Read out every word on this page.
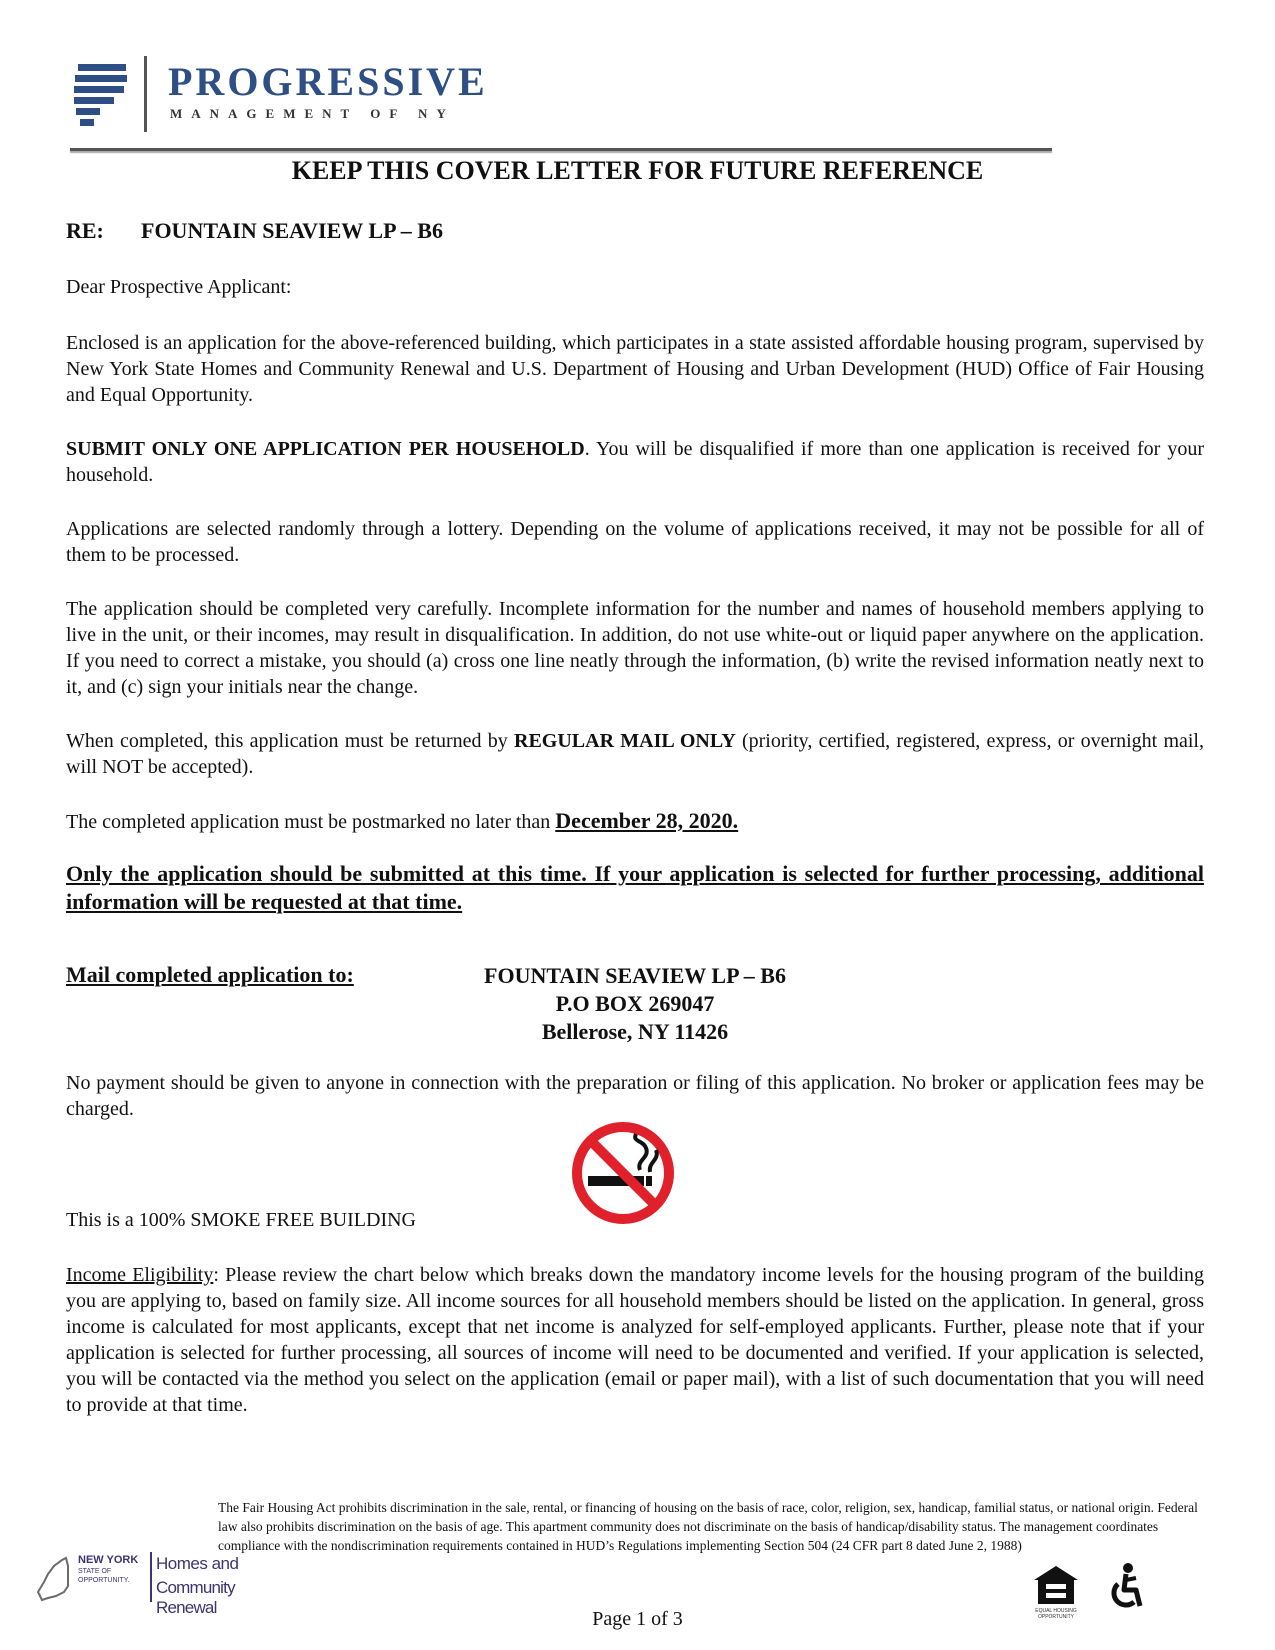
PROGRESSIVE
MANAGEMENT OF NY
KEEP THIS COVER LETTER FOR FUTURE REFERENCE
RE: FOUNTAIN SEAVIEW LP – B6
Dear Prospective Applicant:
Enclosed is an application for the above-referenced building, which participates in a state assisted affordable housing program, supervised by New York State Homes and Community Renewal and U.S. Department of Housing and Urban Development (HUD) Office of Fair Housing and Equal Opportunity.
SUBMIT ONLY ONE APPLICATION PER HOUSEHOLD. You will be disqualified if more than one application is received for your household.
Applications are selected randomly through a lottery. Depending on the volume of applications received, it may not be possible for all of them to be processed.
The application should be completed very carefully. Incomplete information for the number and names of household members applying to live in the unit, or their incomes, may result in disqualification. In addition, do not use white-out or liquid paper anywhere on the application. If you need to correct a mistake, you should (a) cross one line neatly through the information, (b) write the revised information neatly next to it, and (c) sign your initials near the change.
When completed, this application must be returned by REGULAR MAIL ONLY (priority, certified, registered, express, or overnight mail, will NOT be accepted).
The completed application must be postmarked no later than December 28, 2020.
Only the application should be submitted at this time. If your application is selected for further processing, additional information will be requested at that time.
Mail completed application to:	FOUNTAIN SEAVIEW LP – B6
P.O BOX 269047
Bellerose, NY 11426
No payment should be given to anyone in connection with the preparation or filing of this application. No broker or application fees may be charged.
This is a 100% SMOKE FREE BUILDING
Income Eligibility: Please review the chart below which breaks down the mandatory income levels for the housing program of the building you are applying to, based on family size. All income sources for all household members should be listed on the application. In general, gross income is calculated for most applicants, except that net income is analyzed for self-employed applicants. Further, please note that if your application is selected for further processing, all sources of income will need to be documented and verified. If your application is selected, you will be contacted via the method you select on the application (email or paper mail), with a list of such documentation that you will need to provide at that time.
The Fair Housing Act prohibits discrimination in the sale, rental, or financing of housing on the basis of race, color, religion, sex, handicap, familial status, or national origin. Federal law also prohibits discrimination on the basis of age. This apartment community does not discriminate on the basis of handicap/disability status. The management coordinates compliance with the nondiscrimination requirements contained in HUD’s Regulations implementing Section 504 (24 CFR part 8 dated June 2, 1988)
NEW YORK
STATE OF
OPPORTUNITY.
Homes and
Community Renewal	EQUAL HOUSING OPPORTUNITY
Page 1 of 3
